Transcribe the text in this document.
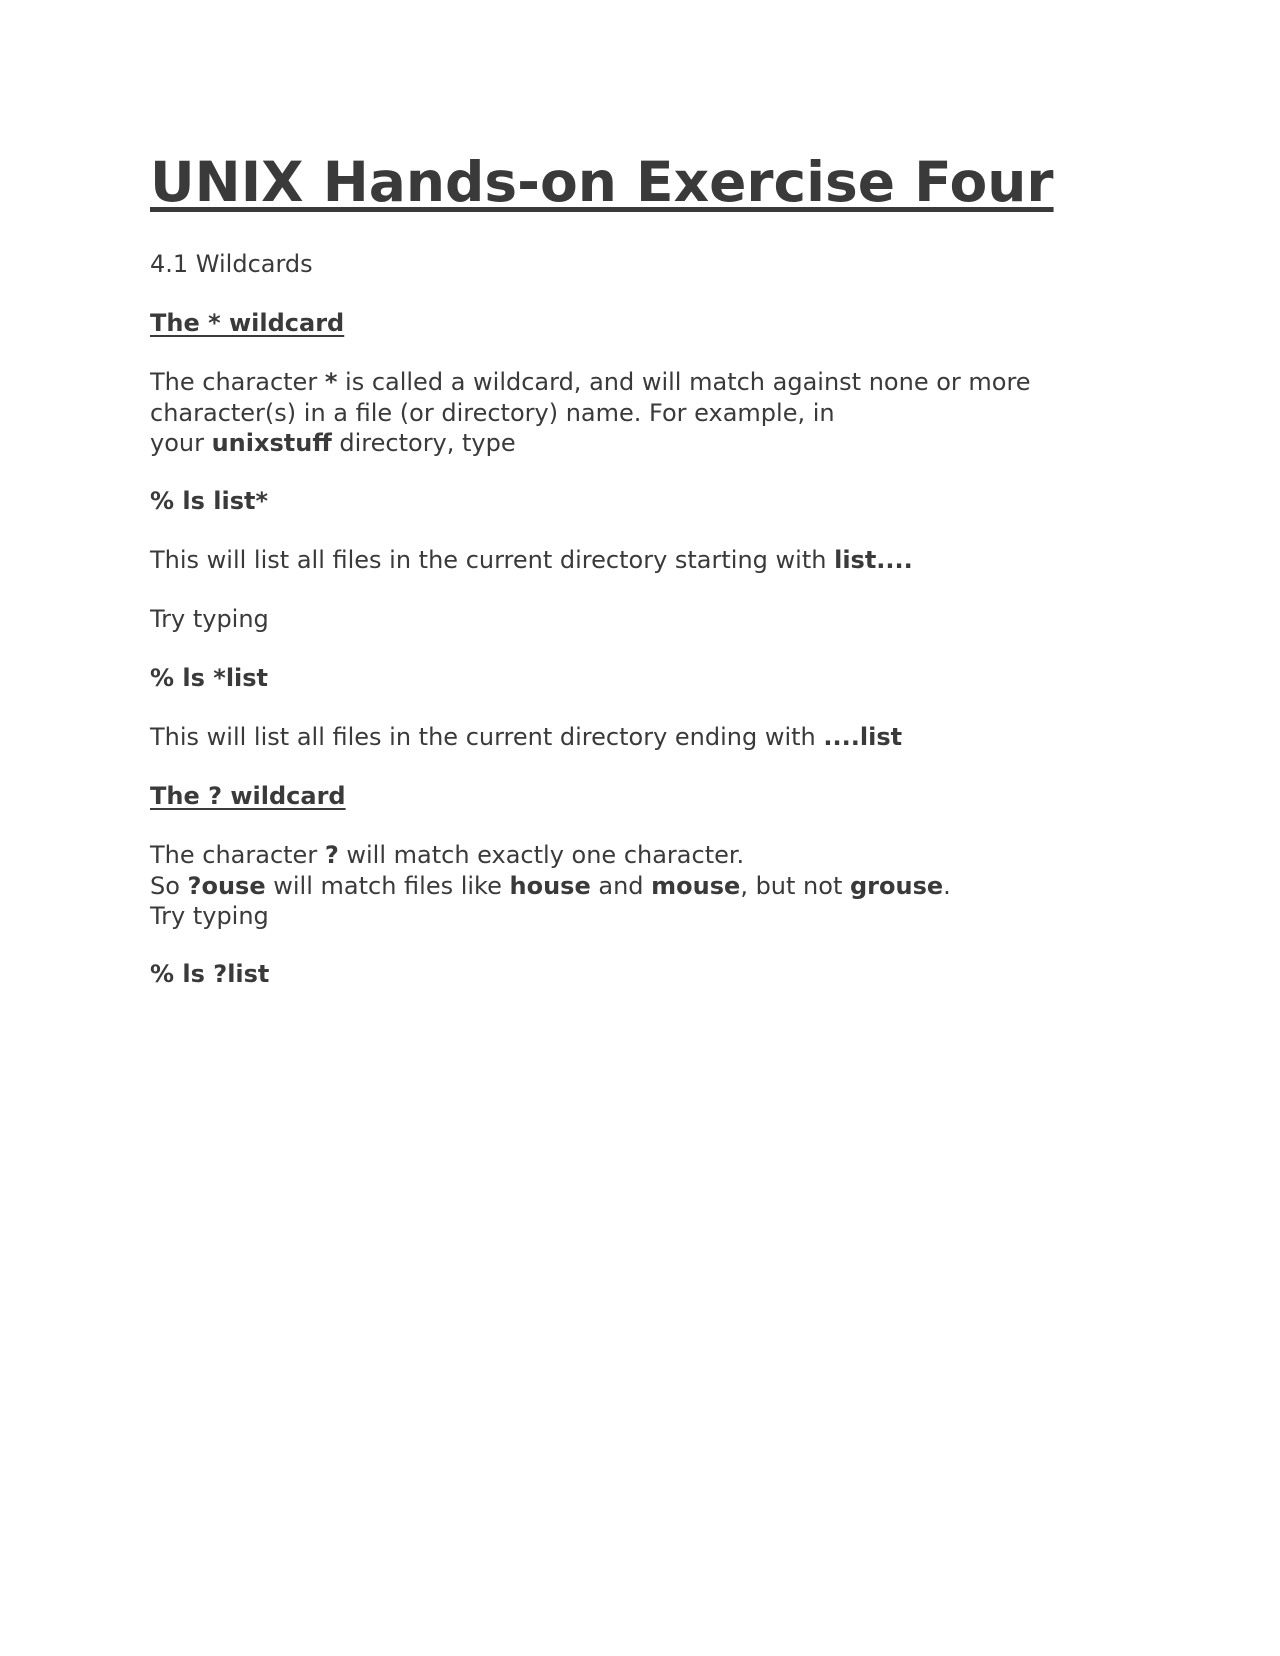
UNIX Hands-on Exercise Four

4.1 Wildcards

The * wildcard

The character * is called a wildcard, and will match against none or more
character(s) in a file (or directory) name. For example, in
your unixstuff directory, type

% ls list*

This will list all files in the current directory starting with list....

Try typing

% ls *list

This will list all files in the current directory ending with ....list

The ? wildcard

The character ? will match exactly one character.
So ?ouse will match files like house and mouse, but not grouse.
Try typing

% ls ?list
